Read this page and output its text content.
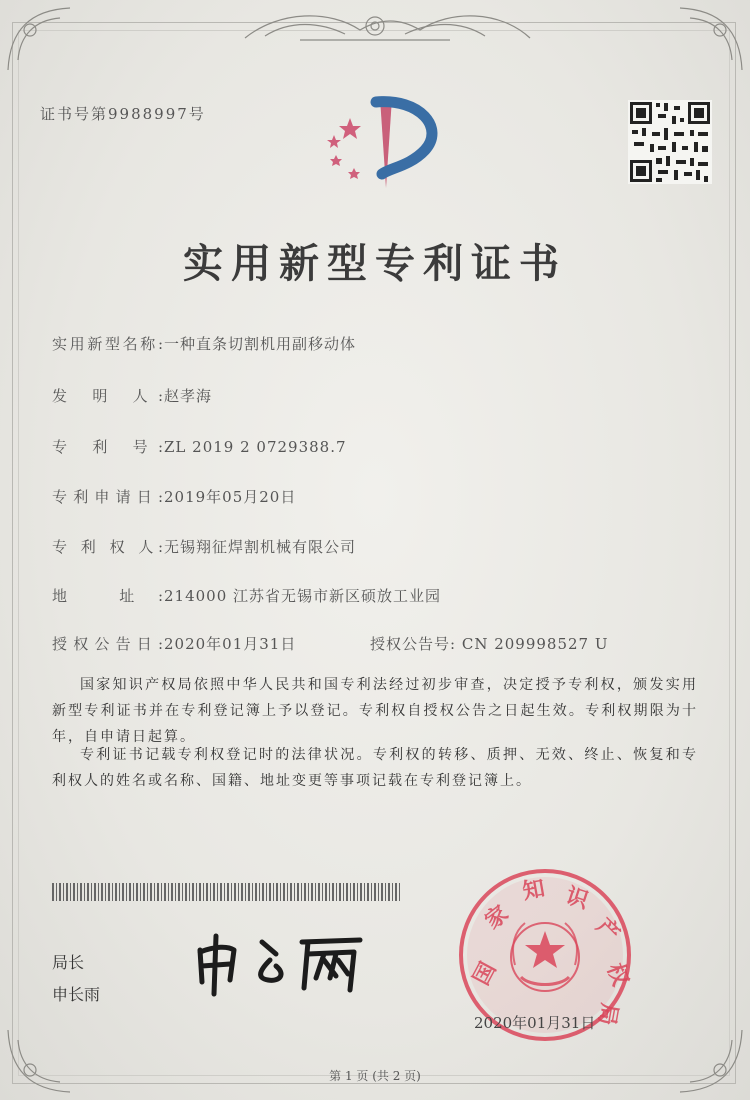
证书号第9988997号
实用新型专利证书
实用新型名称:一种直条切割机用副移动体
发 明 人:赵孝海
专 利 号:ZL 2019 2 0729388.7
专利申请日:2019年05月20日
专 利 权 人:无锡翔征焊割机械有限公司
地 址:214000 江苏省无锡市新区硕放工业园
授权公告日:2020年01月31日	授权公告号: CN 209998527 U
国家知识产权局依照中华人民共和国专利法经过初步审查，决定授予专利权，颁发实用新型专利证书并在专利登记簿上予以登记。专利权自授权公告之日起生效。专利权期限为十年，自申请日起算。
专利证书记载专利权登记时的法律状况。专利权的转移、质押、无效、终止、恢复和专利权人的姓名或名称、国籍、地址变更等事项记载在专利登记簿上。
局长
申长雨
国
家
知 识
产
权
局
2020年01月31日
第 1 页 (共 2 页)
